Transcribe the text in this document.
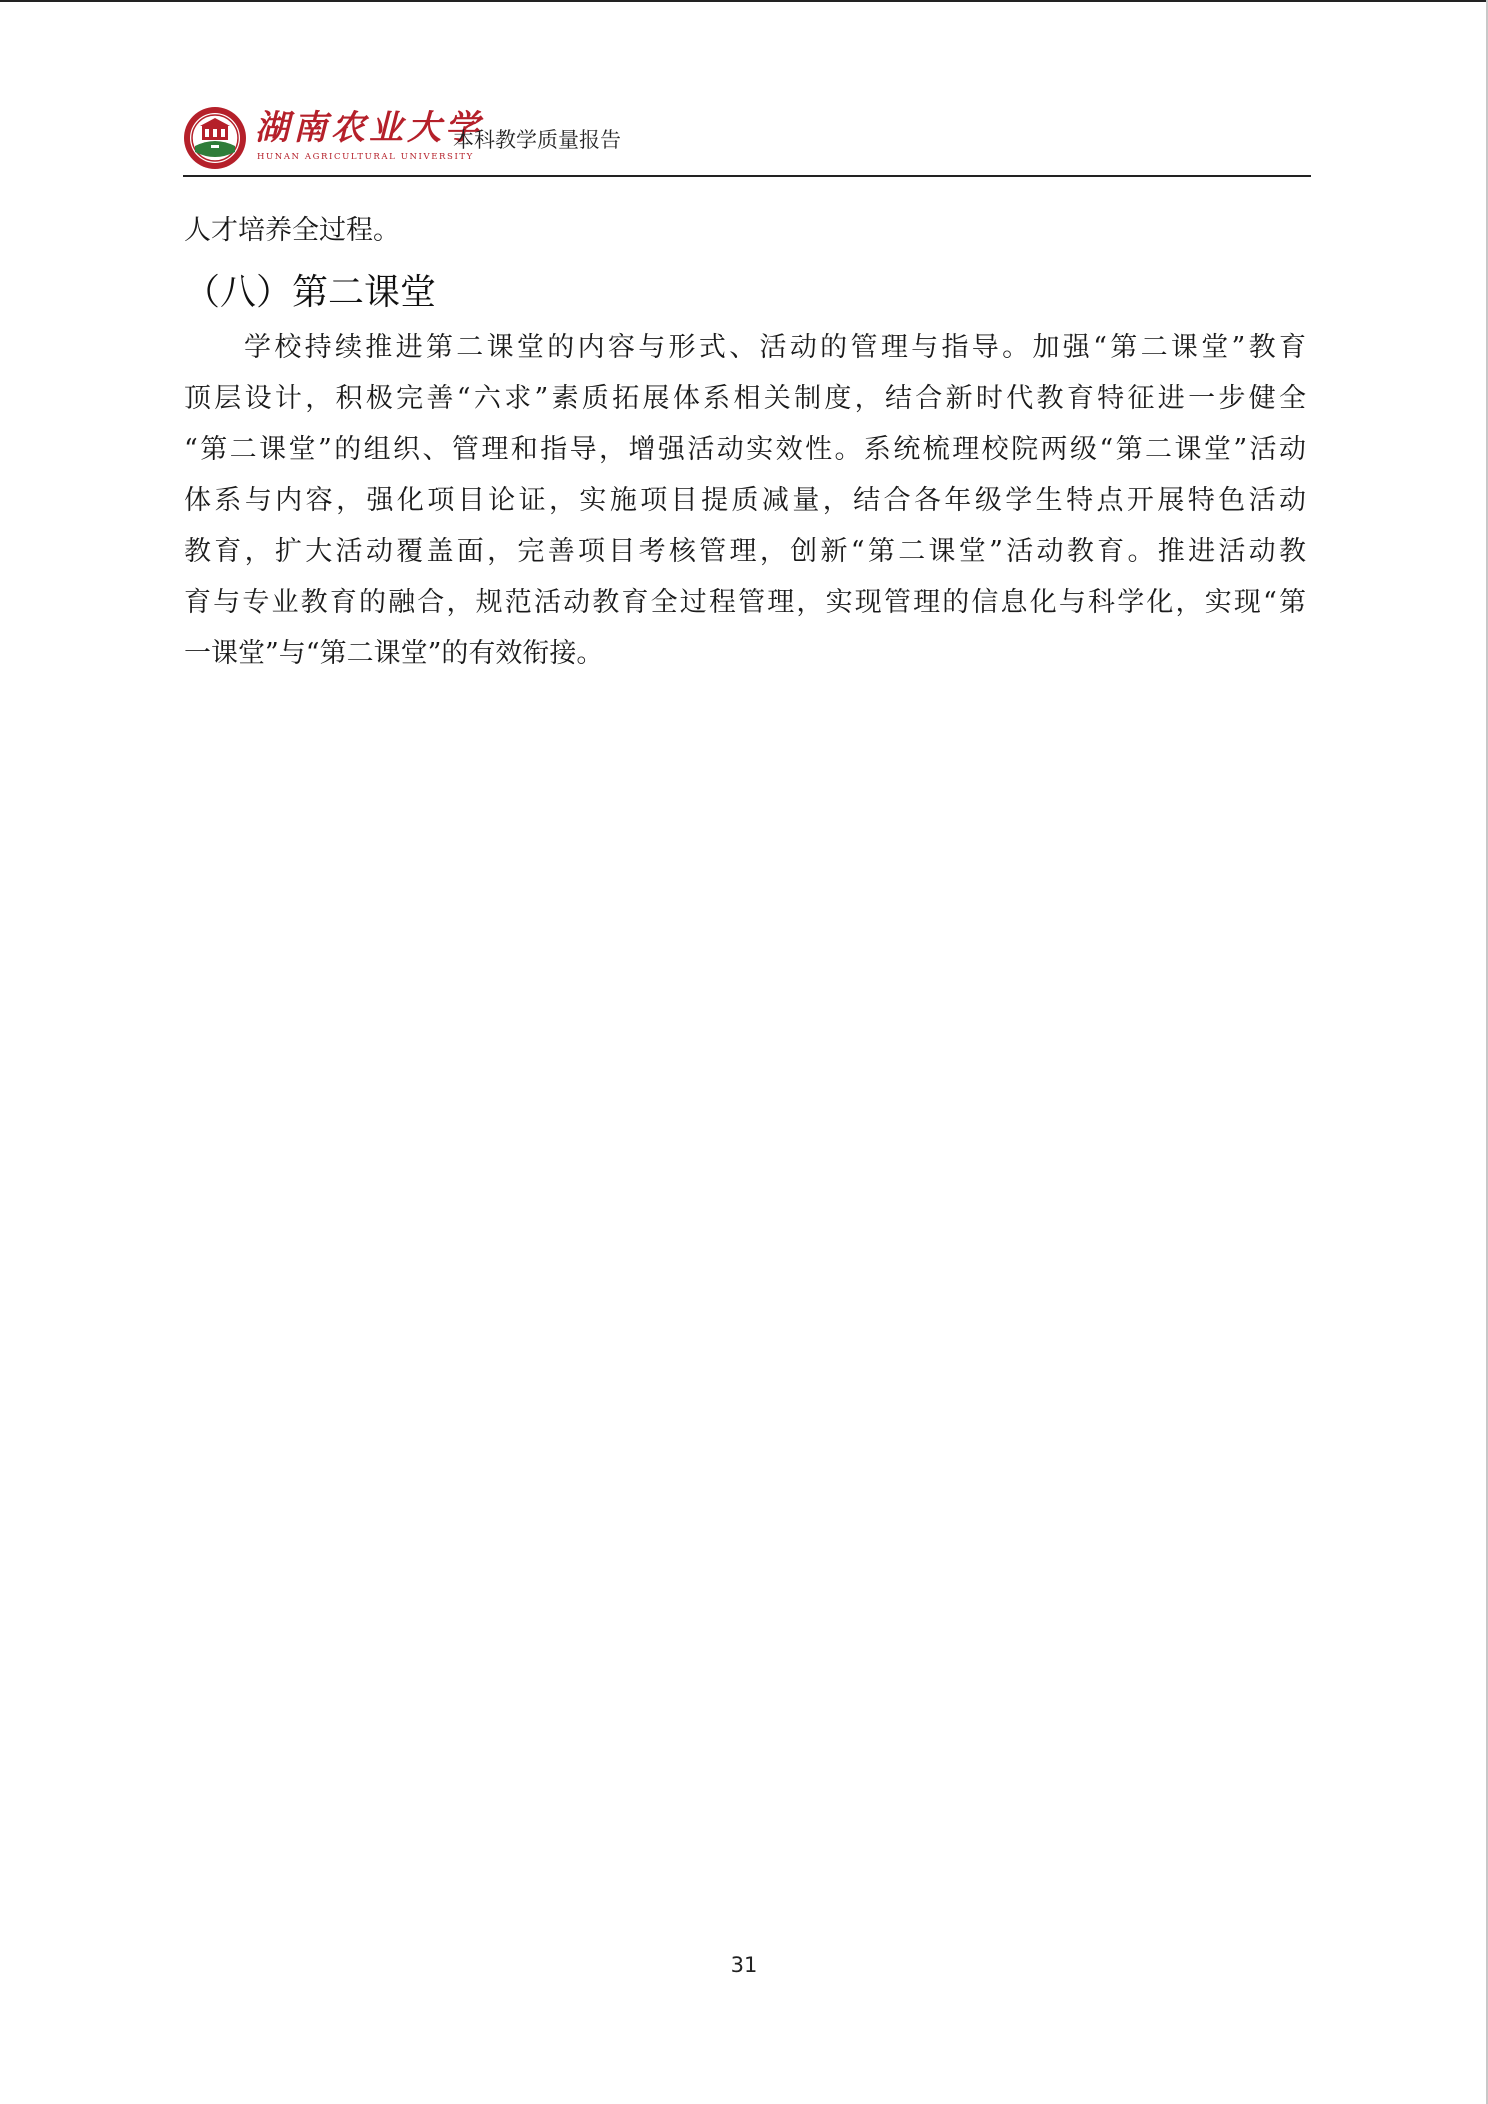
湖南农业大学
HUNAN AGRICULTURAL UNIVERSITY
本科教学质量报告
人才培养全过程。
（八）第二课堂
学校持续推进第二课堂的内容与形式、活动的管理与指导。加强“第二课堂”教育
顶层设计，积极完善“六求”素质拓展体系相关制度，结合新时代教育特征进一步健全
“第二课堂”的组织、管理和指导，增强活动实效性。系统梳理校院两级“第二课堂”活动
体系与内容，强化项目论证，实施项目提质减量，结合各年级学生特点开展特色活动
教育，扩大活动覆盖面，完善项目考核管理，创新“第二课堂”活动教育。推进活动教
育与专业教育的融合，规范活动教育全过程管理，实现管理的信息化与科学化，实现“第
一课堂”与“第二课堂”的有效衔接。
31
